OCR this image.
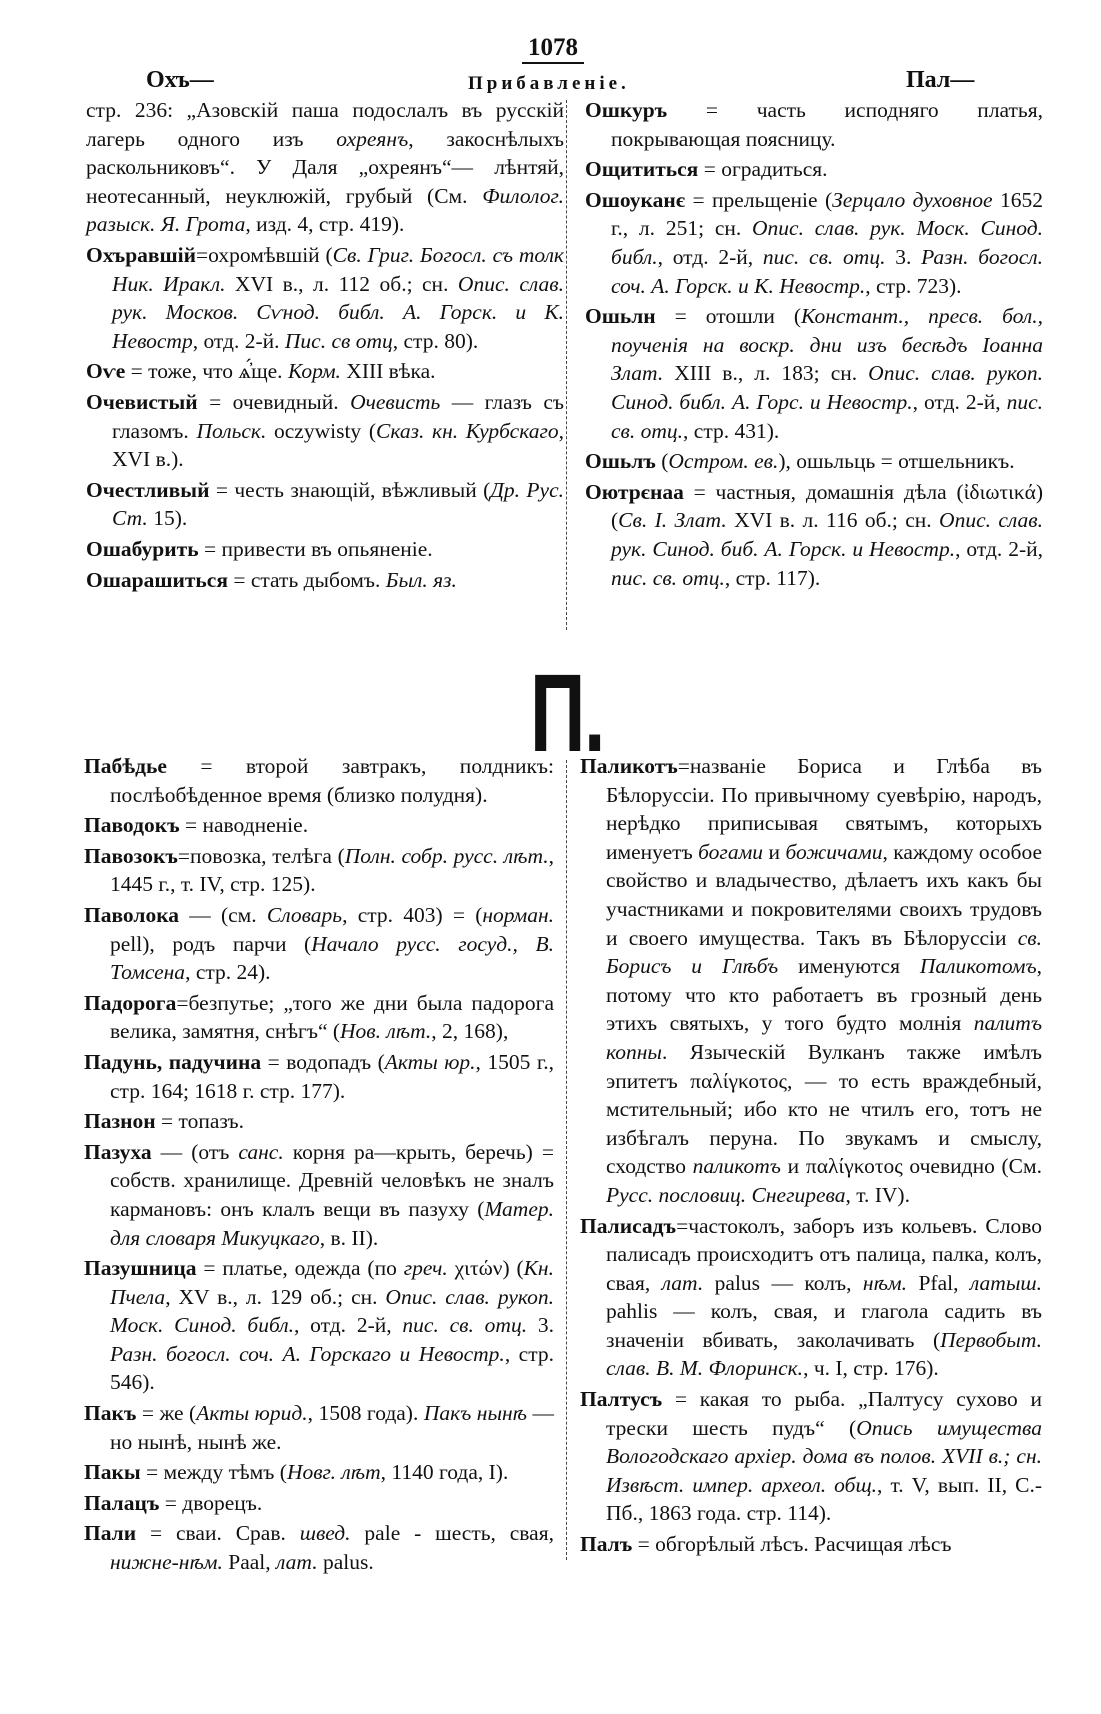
1078
Охъ—	Прибавленіе.	Пал—
стр. 236: „Азовскій паша подослалъ въ русскій лагерь одного изъ охреянъ, закоснѣлыхъ раскольниковъ“. У Даля „охреянъ“— лѣнтяй, неотесанный, неуклюжій, грубый (См. Филолог. разыск. Я. Грота, изд. 4, стр. 419).
Охъравшій=охромѣвшій (Св. Григ. Богосл. съ толк Ник. Иракл. XVI в., л. 112 об.; сн. Опис. слав. рук. Москов. Сѵнод. библ. А. Горск. и К. Невостр, отд. 2-й. Пис. св отц, стр. 80).
Оѵе = тоже, что ѧ҆́ще. Корм. XIII вѣка.
Очевистый = очевидный. Очевисть — глазъ съ глазомъ. Польск. oczywisty (Сказ. кн. Курбскаго, XVI в.).
Очестливый = честь знающій, вѣжливый (Др. Рус. Ст. 15).
Ошабурить = привести въ опьяненіе.
Ошарашиться = стать дыбомъ. Был. яз.
Ошкуръ = часть исподняго платья, покрывающая поясницу.
Ощититься = оградиться.
Ошоуканє = прельщеніе (Зерцало духовное 1652 г., л. 251; сн. Опис. слав. рук. Моск. Синод. библ., отд. 2-й, пис. св. отц. 3. Разн. богосл. соч. А. Горск. и К. Невостр., стр. 723).
Ошьлн = отошли (Констант., пресв. бол., поученія на воскр. дни изъ бесѣдъ Іоанна Злат. XIII в., л. 183; сн. Опис. слав. рукоп. Синод. библ. А. Горс. и Невостр., отд. 2-й, пис. св. отц., стр. 431).
Ошьлъ (Остром. ев.), ошьльць = отшельникъ.
Оютрєнаа = частныя, домашнія дѣла (ἰδιωτικά) (Св. І. Злат. XVI в. л. 116 об.; сн. Опис. слав. рук. Синод. биб. А. Горск. и Невостр., отд. 2-й, пис. св. отц., стр. 117).
П.
Пабѣдье = второй завтракъ, полдникъ: послѣобѣденное время (близко полудня).
Паводокъ = наводненіе.
Павозокъ=повозка, телѣга (Полн. собр. русс. лѣт., 1445 г., т. IV, стр. 125).
Паволока — (см. Словарь, стр. 403) = (норман. pell), родъ парчи (Начало русс. госуд., В. Томсена, стр. 24).
Падорога=безпутье; „того же дни была падорога велика, замятня, снѣгъ“ (Нов. лѣт., 2, 168),
Падунь, падучина = водопадъ (Акты юр., 1505 г., стр. 164; 1618 г. стр. 177).
Пазнон = топазъ.
Пазуха — (отъ санс. корня ра—крыть, беречь) = собств. хранилище. Древній человѣкъ не зналъ кармановъ: онъ клалъ вещи въ пазуху (Матер. для словаря Микуцкаго, в. II).
Пазушница = платье, одежда (по греч. χιτών) (Кн. Пчела, XV в., л. 129 об.; сн. Опис. слав. рукоп. Моск. Синод. библ., отд. 2-й, пис. св. отц. 3. Разн. богосл. соч. А. Горскаго и Невостр., стр. 546).
Пакъ = же (Акты юрид., 1508 года). Пакъ нынѣ — но нынѣ, нынѣ же.
Пакы = между тѣмъ (Новг. лѣт, 1140 года, I).
Палацъ = дворецъ.
Пали = сваи. Срав. швед. pale - шесть, свая, нижне-нѣм. Paal, лат. palus.
Паликотъ=названіе Бориса и Глѣба въ Бѣлоруссіи. По привычному суевѣрію, народъ, нерѣдко приписывая святымъ, которыхъ именуетъ богами и божичами, каждому особое свойство и владычество, дѣлаетъ ихъ какъ бы участниками и покровителями своихъ трудовъ и своего имущества. Такъ въ Бѣлоруссіи св. Борисъ и Глѣбъ именуются Паликотомъ, потому что кто работаетъ въ грозный день этихъ святыхъ, у того будто молнія палитъ копны. Языческій Вулканъ также имѣлъ эпитетъ παλίγκοτος, — то есть враждебный, мстительный; ибо кто не чтилъ его, тотъ не избѣгалъ перуна. По звукамъ и смыслу, сходство паликотъ и παλίγκοτος очевидно (См. Русс. пословиц. Снегирева, т. IV).
Палисадъ=частоколъ, заборъ изъ кольевъ. Слово палисадъ происходитъ отъ палица, палка, колъ, свая, лат. palus — колъ, нѣм. Pfal, латыш. pahlis — колъ, свая, и глагола садить въ значеніи вбивать, заколачивать (Первобыт. слав. В. М. Флоринск., ч. I, стр. 176).
Палтусъ = какая то рыба. „Палтусу сухово и трески шесть пудъ“ (Опись имущества Вологодскаго архіер. дома въ полов. XVII в.; сн. Извѣст. импер. археол. общ., т. V, вып. II, С.-Пб., 1863 года. стр. 114).
Палъ = обгорѣлый лѣсъ. Расчищая лѣсъ
